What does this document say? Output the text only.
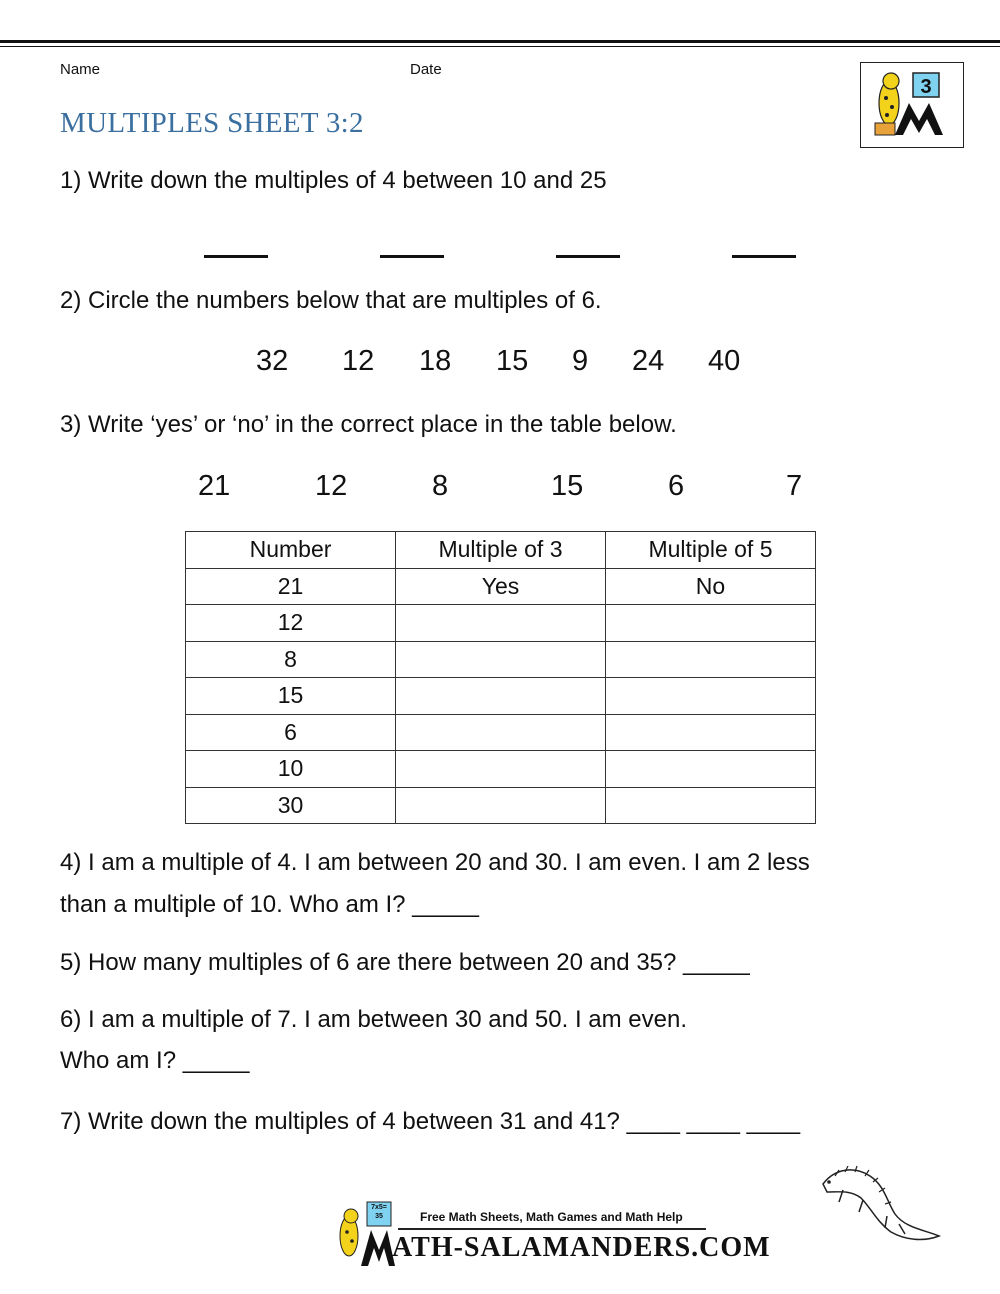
Name	Date
3
MULTIPLES SHEET 3:2
1) Write down the multiples of 4 between 10 and 25
2) Circle the numbers below that are multiples of 6.
32 12 18 15 9 24 40
3) Write ‘yes’ or ‘no’ in the correct place in the table below.
21	12	8	15	6	7
Number	Multiple of 3	Multiple of 5
21	Yes	No
12		
8		
15		
6		
10		
30		
4) I am a multiple of 4. I am between 20 and 30. I am even. I am 2 less
than a multiple of 10. Who am I? _____
5) How many multiples of 6 are there between 20 and 35? _____
6) I am a multiple of 7. I am between 30 and 50. I am even.
Who am I? _____
7) Write down the multiples of 4 between 31 and 41? ____ ____ ____
7x5= 35	Free Math Sheets, Math Games and Math Help
ATH-SALAMANDERS.COM
